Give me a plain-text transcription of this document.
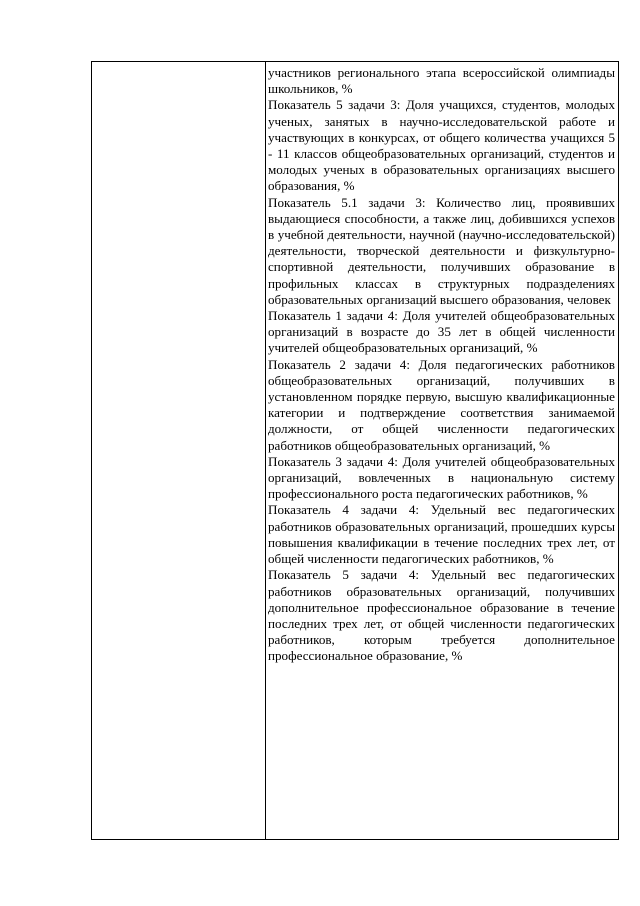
участников регионального этапа всероссийской олимпиады школьников, %
Показатель 5 задачи 3: Доля учащихся, студентов, молодых ученых, занятых в научно-исследовательской работе и участвующих в конкурсах, от общего количества учащихся 5 - 11 классов общеобразовательных организаций, студентов и молодых ученых в образовательных организациях высшего образования, %
Показатель 5.1 задачи 3: Количество лиц, проявивших выдающиеся способности, а также лиц, добившихся успехов в учебной деятельности, научной (научно-исследовательской) деятельности, творческой деятельности и физкультурно-спортивной деятельности, получивших образование в профильных классах в структурных подразделениях образовательных организаций высшего образования, человек
Показатель 1 задачи 4: Доля учителей общеобразовательных организаций в возрасте до 35 лет в общей численности учителей общеобразовательных организаций, %
Показатель 2 задачи 4: Доля педагогических работников общеобразовательных организаций, получивших в установленном порядке первую, высшую квалификационные категории и подтверждение соответствия занимаемой должности, от общей численности педагогических работников общеобразовательных организаций, %
Показатель 3 задачи 4: Доля учителей общеобразовательных организаций, вовлеченных в национальную систему профессионального роста педагогических работников, %
Показатель 4 задачи 4: Удельный вес педагогических работников образовательных организаций, прошедших курсы повышения квалификации в течение последних трех лет, от общей численности педагогических работников, %
Показатель 5 задачи 4: Удельный вес педагогических работников образовательных организаций, получивших дополнительное профессиональное образование в течение последних трех лет, от общей численности педагогических работников, которым требуется дополнительное профессиональное образование, %
